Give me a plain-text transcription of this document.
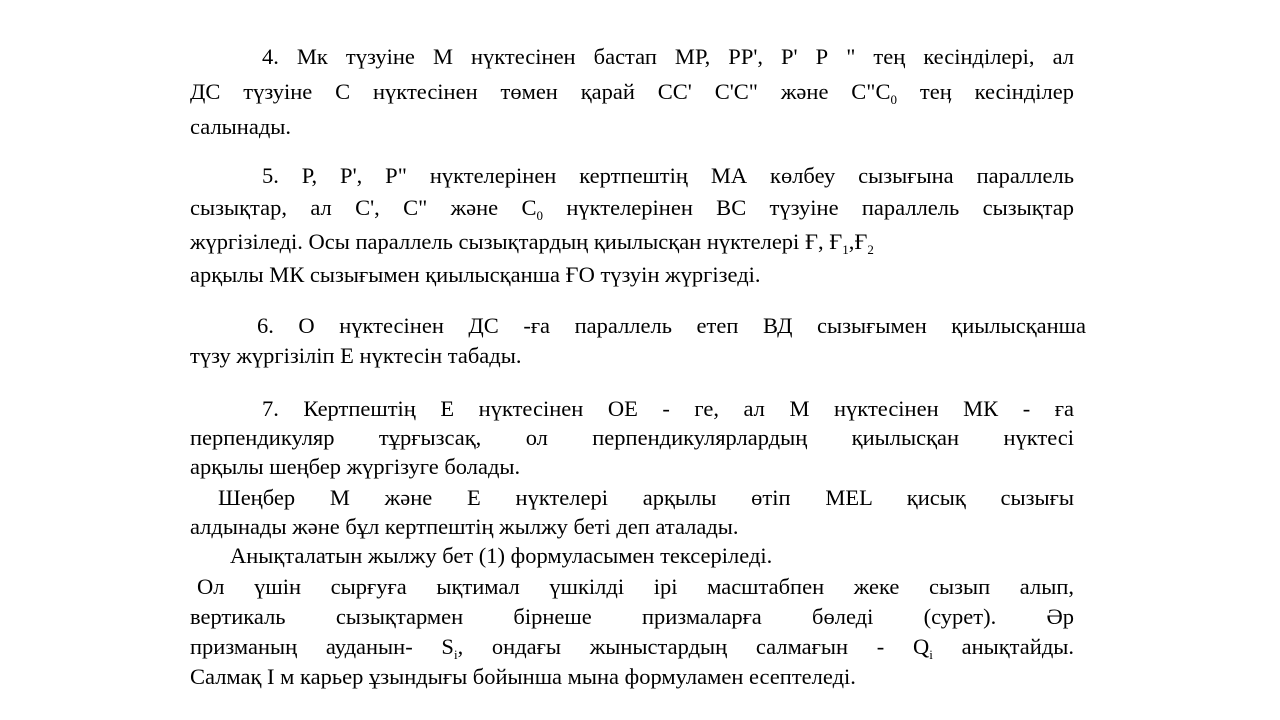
4. Мк түзуіне М нүктесінен бастап МР, РР', Р' Р " тең кесінділері, ал
ДС түзуіне С нүктесінен төмен қарай СС' С'С" және $С"С_0$ теӊ кесінділер
салынады.
5. Р, Р', Р" нүктелерінен кертпештің МА көлбеу сызығына параллель
сызықтар, ал С', С" және $С_0$ нүктелерінен ВС түзуіне параллель сызықтар
жүргізіледі. Осы параллель сызықтардың қиылысқан нүктелері Ғ, $Ғ_1,Ғ_2$
арқылы МК сызығымен қиылысқанша ҒО түзуін жүргізеді.
6. О нүктесінен ДС -ға параллель етеп ВД сызығымен қиылысқанша
түзу жүргізіліп Е нүктесін табады.
7. Кертпештің Е нүктесінен ОЕ - ге, ал М нүктесінен МК - ға
перпендикуляр тұрғызсақ, ол перпендикулярлардың қиылысқан нүктесі
арқылы шеңбер жүргізуге болады.
Шеңбер М және Е нүктелері арқылы өтіп МЕL қисық сызығы
алдынады және бұл кертпештің жылжу беті деп аталады.
Анықталатын жылжу бет (1) формуласымен тексеріледі.
Ол үшін сырғуға ықтимал үшкілді ірі масштабпен жеке сызып алып,
вертикаль сызықтармен бірнеше призмаларға бөледі (сурет). Әр
призманың ауданын- $S_i$, ондағы жыныстардың салмағын - $Q_i$ анықтайды.
Салмақ I м карьер ұзындығы бойынша мына формуламен есептеледі.
